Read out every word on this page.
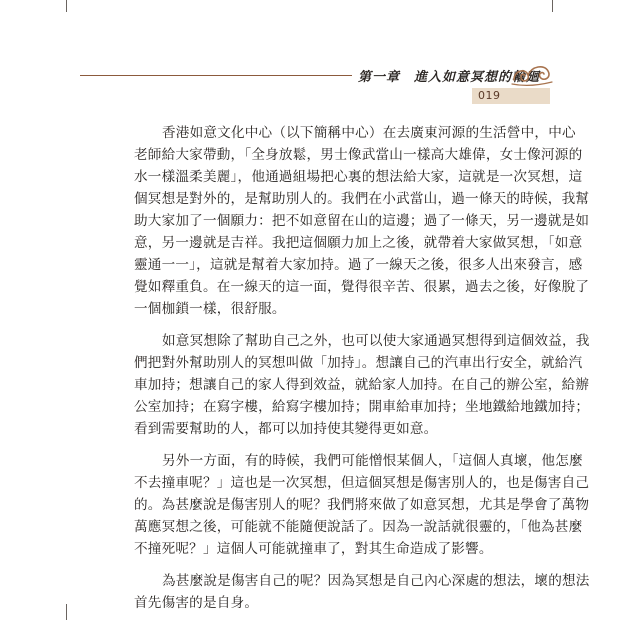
第一章　進入如意冥想的輪廻
019

香港如意文化中心（以下簡稱中心）在去廣東河源的生活營中，中心
老師給大家帶動，「全身放鬆，男士像武當山一樣高大雄偉，女士像河源的
水一樣溫柔美麗」，他通過組場把心裏的想法給大家，這就是一次冥想，這
個冥想是對外的，是幫助別人的。我們在小武當山，過一條天的時候，我幫
助大家加了一個願力：把不如意留在山的這邊；過了一條天，另一邊就是如
意，另一邊就是吉祥。我把這個願力加上之後，就帶着大家做冥想，「如意
靈通一一」，這就是幫着大家加持。過了一線天之後，很多人出來發言，感
覺如釋重負。在一線天的這一面，覺得很辛苦、很累，過去之後，好像脫了
一個枷鎖一樣，很舒服。

如意冥想除了幫助自己之外，也可以使大家通過冥想得到這個效益，我
們把對外幫助別人的冥想叫做「加持」。想讓自己的汽車出行安全，就給汽
車加持；想讓自己的家人得到效益，就給家人加持。在自己的辦公室，給辦
公室加持；在寫字樓，給寫字樓加持；開車給車加持；坐地鐵給地鐵加持；
看到需要幫助的人，都可以加持使其變得更如意。

另外一方面，有的時候，我們可能憎恨某個人，「這個人真壞，他怎麼
不去撞車呢？」這也是一次冥想，但這個冥想是傷害別人的，也是傷害自己
的。為甚麼說是傷害別人的呢？我們將來做了如意冥想，尤其是學會了萬物
萬應冥想之後，可能就不能隨便說話了。因為一說話就很靈的，「他為甚麼
不撞死呢？」這個人可能就撞車了，對其生命造成了影響。

為甚麼說是傷害自己的呢？因為冥想是自己內心深處的想法，壞的想法
首先傷害的是自身。
